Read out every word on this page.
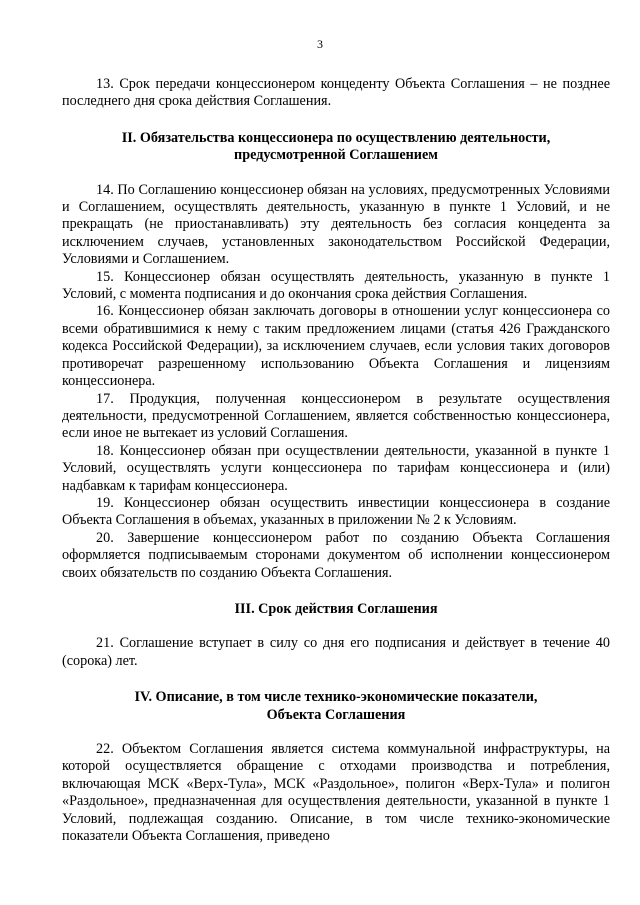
3

13. Срок передачи концессионером концеденту Объекта Соглашения – не позднее последнего дня срока действия Соглашения.

II. Обязательства концессионера по осуществлению деятельности,
предусмотренной Соглашением

14. По Соглашению концессионер обязан на условиях, предусмотренных Условиями и Соглашением, осуществлять деятельность, указанную в пункте 1 Условий, и не прекращать (не приостанавливать) эту деятельность без согласия концедента за исключением случаев, установленных законодательством Российской Федерации, Условиями и Соглашением.

15. Концессионер обязан осуществлять деятельность, указанную в пункте 1 Условий, с момента подписания и до окончания срока действия Соглашения.

16. Концессионер обязан заключать договоры в отношении услуг концессионера со всеми обратившимися к нему с таким предложением лицами (статья 426 Гражданского кодекса Российской Федерации), за исключением случаев, если условия таких договоров противоречат разрешенному использованию Объекта Соглашения и лицензиям концессионера.

17. Продукция, полученная концессионером в результате осуществления деятельности, предусмотренной Соглашением, является собственностью концессионера, если иное не вытекает из условий Соглашения.

18. Концессионер обязан при осуществлении деятельности, указанной в пункте 1 Условий, осуществлять услуги концессионера по тарифам концессионера и (или) надбавкам к тарифам концессионера.

19. Концессионер обязан осуществить инвестиции концессионера в создание Объекта Соглашения в объемах, указанных в приложении № 2 к Условиям.

20. Завершение концессионером работ по созданию Объекта Соглашения оформляется подписываемым сторонами документом об исполнении концессионером своих обязательств по созданию Объекта Соглашения.

III. Срок действия Соглашения

21. Соглашение вступает в силу со дня его подписания и действует в течение 40 (сорока) лет.

IV. Описание, в том числе технико-экономические показатели,
Объекта Соглашения

22. Объектом Соглашения является система коммунальной инфраструктуры, на которой осуществляется обращение с отходами производства и потребления, включающая МСК «Верх-Тула», МСК «Раздольное», полигон «Верх-Тула» и полигон «Раздольное», предназначенная для осуществления деятельности, указанной в пункте 1 Условий, подлежащая созданию. Описание, в том числе технико-экономические показатели Объекта Соглашения, приведено
